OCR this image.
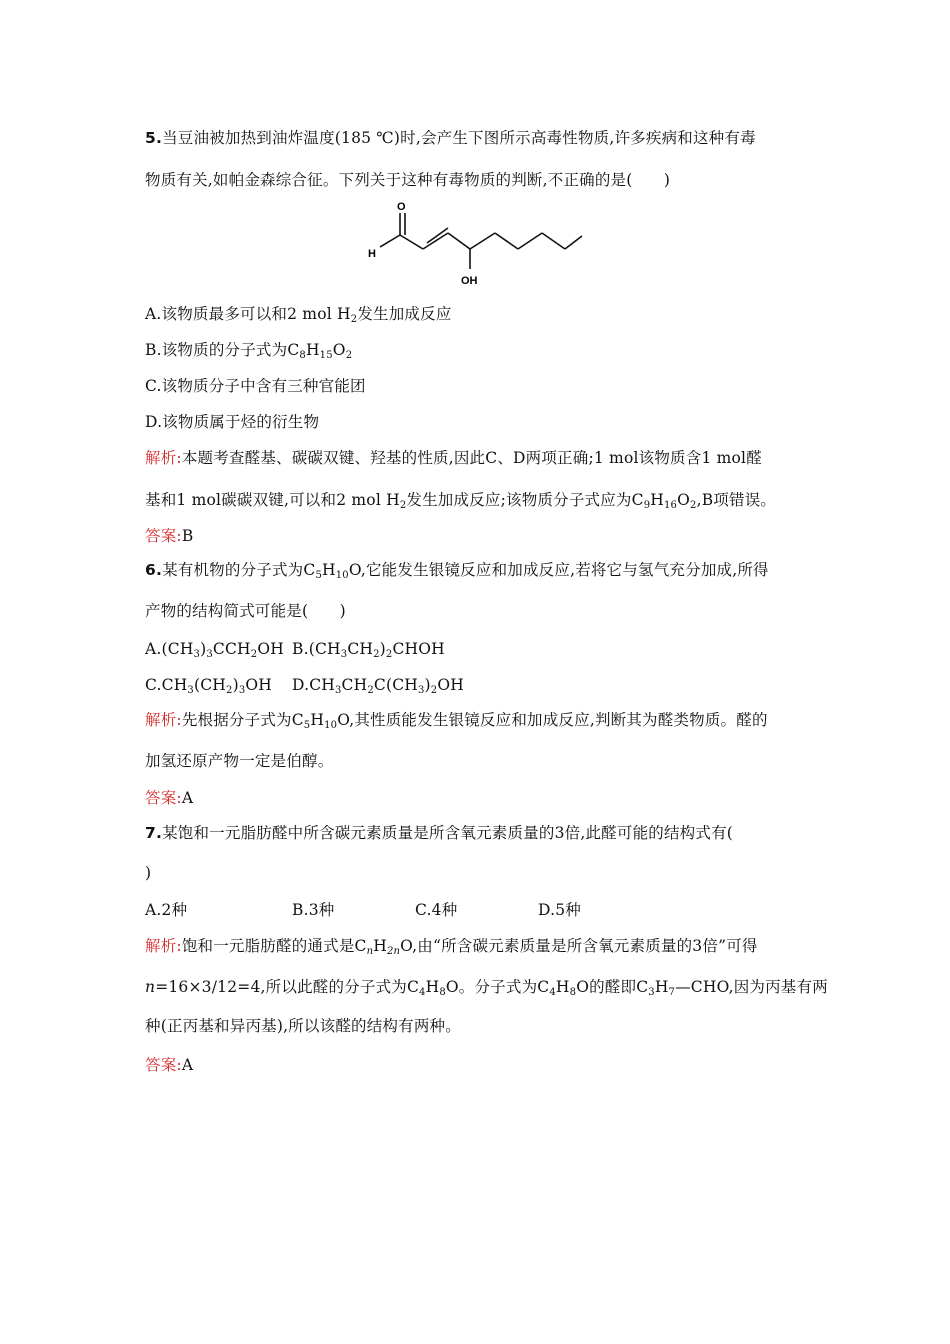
5.当豆油被加热到油炸温度(185 ℃)时,会产生下图所示高毒性物质,许多疾病和这种有毒
物质有关,如帕金森综合征。下列关于这种有毒物质的判断,不正确的是(　　)
O
H
OH
A.该物质最多可以和2 mol $H_2$发生加成反应
B.该物质的分子式为$C_8H_{15}O_2$
C.该物质分子中含有三种官能团
D.该物质属于烃的衍生物
解析:本题考查醛基、碳碳双键、羟基的性质,因此C、D两项正确;1 mol该物质含1 mol醛
基和1 mol碳碳双键,可以和2 mol $H_2$发生加成反应;该物质分子式应为$C_9H_{16}O_2,B$项错误。
答案:B
6.某有机物的分子式为$C_5H_{10}O$,它能发生银镜反应和加成反应,若将它与氢气充分加成,所得
产物的结构简式可能是(　　)
$A.(CH_3)_3CCH_2OH$ $B.(CH_3CH_2)_2CHOH$
$C.CH_3(CH_2)_3OH$ $D.CH_3CH_2C(CH_3)_2OH$
解析:先根据分子式为$C_5H_{10}O$,其性质能发生银镜反应和加成反应,判断其为醛类物质。醛的
加氢还原产物一定是伯醇。
答案:A
7.某饱和一元脂肪醛中所含碳元素质量是所含氧元素质量的3倍,此醛可能的结构式有(
)
A.2种	B.3种	C.4种	D.5种
解析:饱和一元脂肪醛的通式是$C_nH_{2n}O$,由“所含碳元素质量是所含氧元素质量的3倍”可得
n=16×3/12=4,所以此醛的分子式为$C_4H_8O$。分子式为$C_4H_8O$的醛即$C_3H_7—CHO$,因为丙基有两
种(正丙基和异丙基),所以该醛的结构有两种。
答案:A
